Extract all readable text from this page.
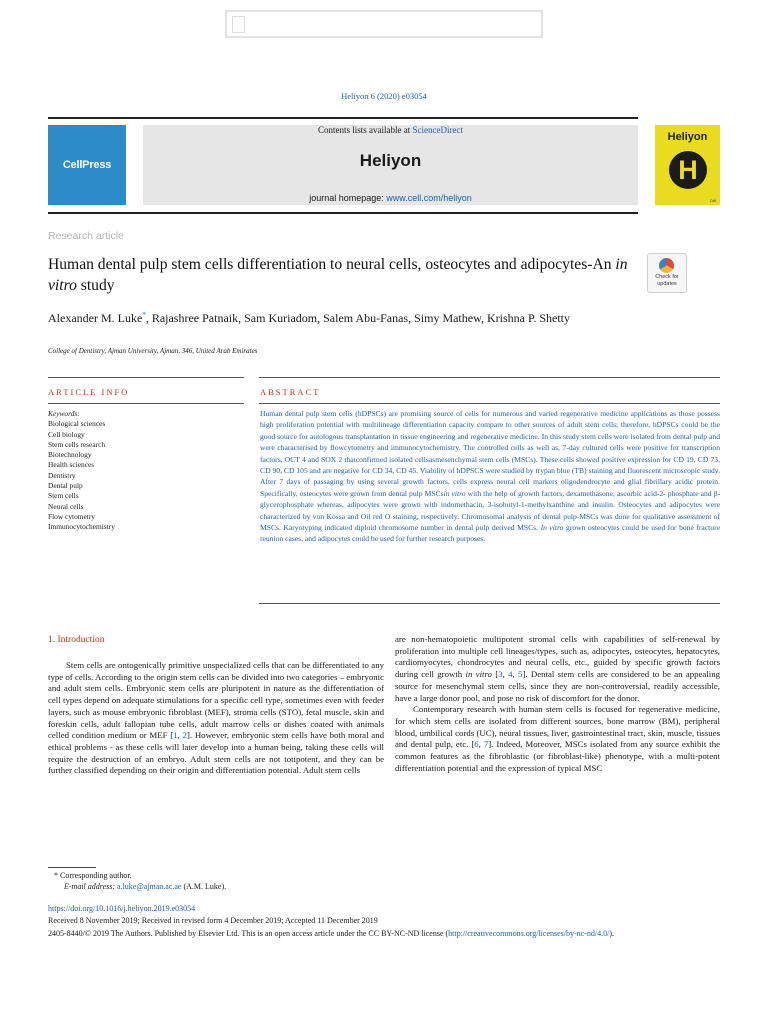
Heliyon 6 (2020) e03054
CellPress
Contents lists available at ScienceDirect
Heliyon
journal homepage: www.cell.com/heliyon
Heliyon
H
Cell
Research article
Human dental pulp stem cells differentiation to neural cells, osteocytes and adipocytes-An in vitro study	Check for updates
Alexander M. Luke*, Rajashree Patnaik, Sam Kuriadom, Salem Abu-Fanas, Simy Mathew, Krishna P. Shetty
College of Dentistry, Ajman University, Ajman, 346, United Arab Emirates
ARTICLE INFO	ABSTRACT
Keywords:
Biological sciences
Cell biology
Stem cells research
Biotechnology
Health sciences
Dentistry
Dental pulp
Stem cells
Neural cells
Flow cytometry
Immunocytochemistry
Human dental pulp stem cells (hDPSCs) are promising source of cells for numerous and varied regenerative medicine applications as those possess high proliferation potential with multilineage differentiation capacity compare to other sources of adult stem cells; therefore, hDPSCs could be the good source for autologous transplantation in tissue engineering and regenerative medicine. In this study stem cells were isolated from dental pulp and were characterised by flowcytometry and immunocytochemistry. The controlled cells as well as, 7-day cultured cells were positive for transcription factors, OCT 4 and SOX 2 thatconfirmed isolated cellsasmesenchymal stem cells (MSCs). These cells showed positive expression for CD 19, CD 73, CD 90, CD 105 and are negative for CD 34, CD 45. Viability of hDPSCS were studied by trypan blue (TB) staining and fluorescent microscopic study. After 7 days of passaging by using several growth factors, cells express neural cell markers oligodendrocyte and glial fibrillary acidic protein. Specifically, osteocytes were grown from dental pulp MSCsin vitro with the help of growth factors, dexamethasone, ascorbic acid-2- phosphate and β-glycerophosphate whereas, adipocytes were grown with indomethacin, 3-isobutyl-1-methylxanthine and insulin. Osteocytes and adipocytes were characterized by von Kossa and Oil red O staining, respectively. Chromosomal analysis of dental pulp-MSCs was done for qualitative assessment of MSCs. Karyotyping indicated diploid chromosome number in dental pulp derived MSCs. In vitro grown osteocytes could be used for bone fracture reunion cases, and adipocytes could be used for further research purposes.
1. Introduction

Stem cells are ontogenically primitive unspecialized cells that can be differentiated to any type of cells. According to the origin stem cells can be divided into two categories – embryonic and adult stem cells. Embryonic stem cells are pluripotent in nature as the differentiation of cell types depend on adequate stimulations for a specific cell type, sometimes even with feeder layers, such as mouse embryonic fibroblast (MEF), stroma cells (STO), fetal muscle, skin and foreskin cells, adult fallopian tube cells, adult marrow cells or dishes coated with animals celled condition medium or MEF [1, 2]. However, embryonic stem cells have both moral and ethical problems - as these cells will later develop into a human being, taking these cells will require the destruction of an embryo. Adult stem cells are not totipotent, and they can be further classified depending on their origin and differentiation potential. Adult stem cells

are non-hematopoietic multipotent stromal cells with capabilities of self-renewal by proliferation into multiple cell lineages/types, such as, adipocytes, osteocytes, hepatocytes, cardiomyocytes, chondrocytes and neural cells, etc., guided by specific growth factors during cell growth in vitro [3, 4, 5]. Dental stem cells are considered to be an appealing source for mesenchymal stem cells, since they are non-controversial, readily accessible, have a large donor pool, and pose no risk of discomfort for the donor.

Contemporary research with human stem cells is focused for regenerative medicine, for which stem cells are isolated from different sources, bone marrow (BM), peripheral blood, umbilical cords (UC), neural tissues, liver, gastrointestinal tract, skin, muscle, tissues and dental pulp, etc. [6, 7]. Indeed, Moreover, MSCs isolated from any source exhibit the common features as the fibroblastic (or fibroblast-like) phenotype, with a multi-potent differentiation potential and the expression of typical MSC

* Corresponding author.
E-mail address: a.luke@ajman.ac.ae (A.M. Luke).
https://doi.org/10.1016/j.heliyon.2019.e03054
Received 8 November 2019; Received in revised form 4 December 2019; Accepted 11 December 2019
2405-8440/© 2019 The Authors. Published by Elsevier Ltd. This is an open access article under the CC BY-NC-ND license (http://creativecommons.org/licenses/by-nc-nd/4.0/).
